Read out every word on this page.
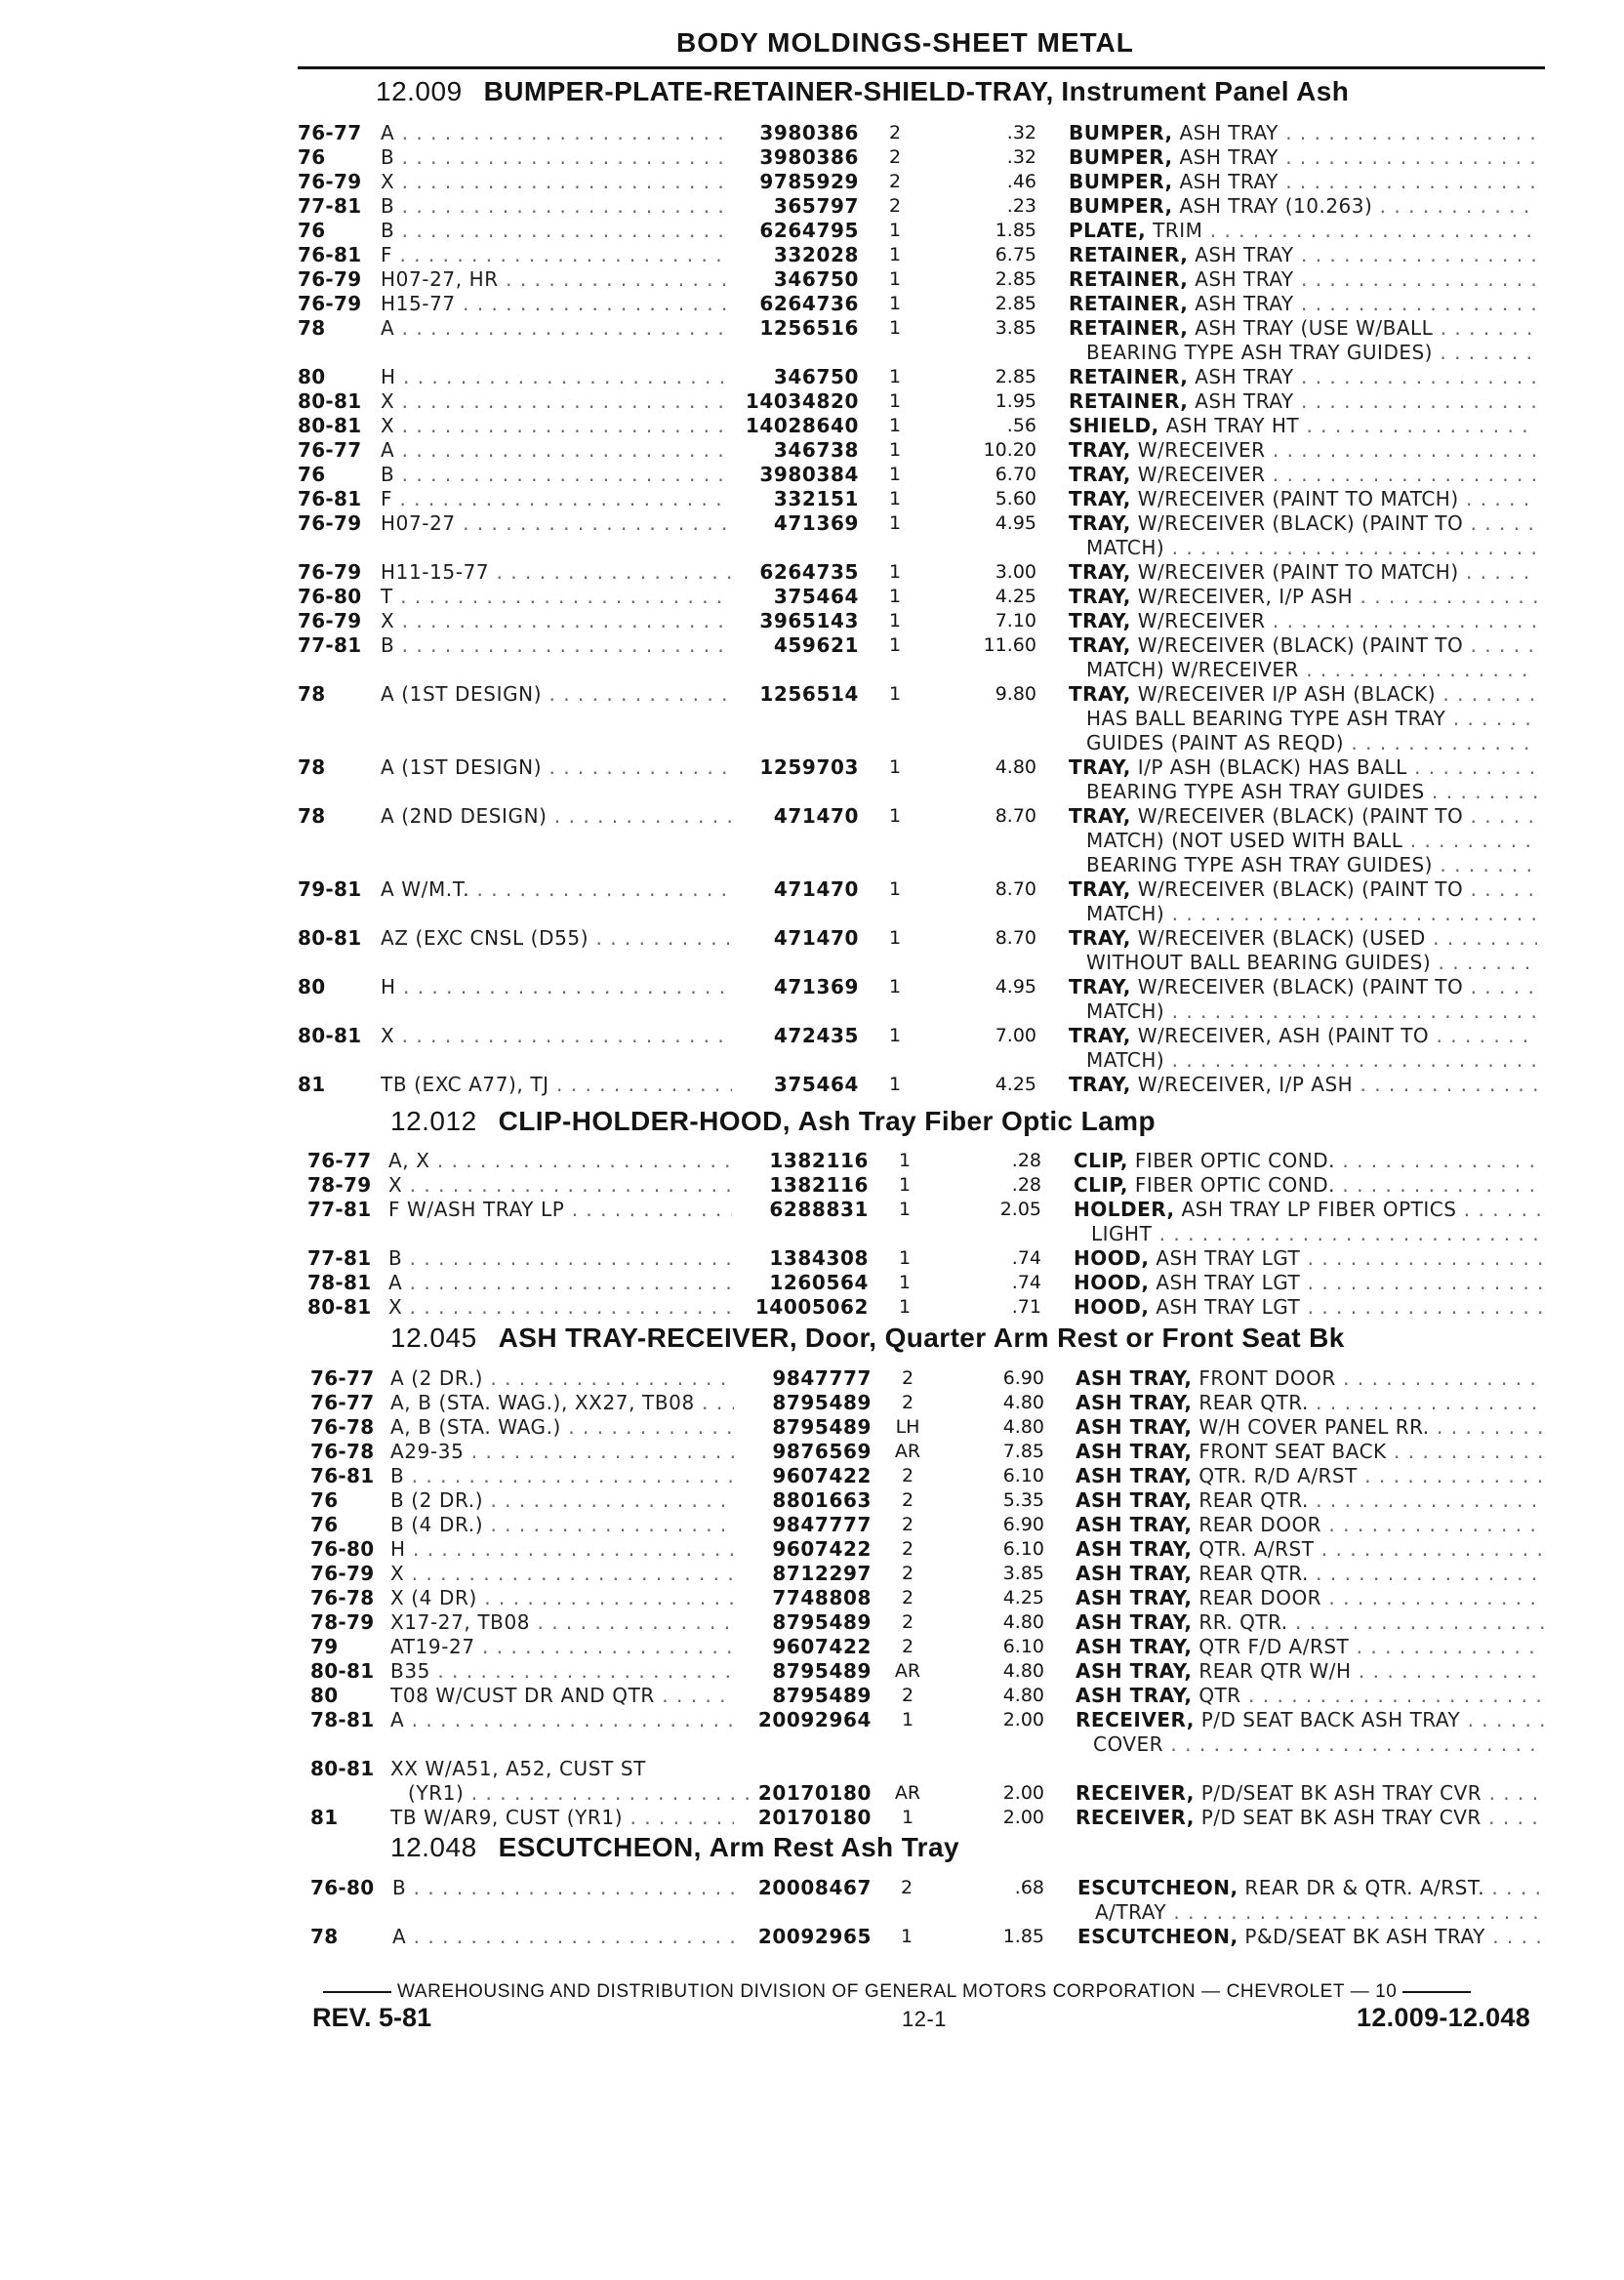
BODY MOLDINGS-SHEET METAL
12.009 BUMPER-PLATE-RETAINER-SHIELD-TRAY, Instrument Panel Ash
76-77 A . . .	3980386	2	.32 BUMPER, ASH TRAY . . .
76	B . . .	3980386	2	.32 BUMPER, ASH TRAY . . .
76-79 X . . .	9785929	2	.46 BUMPER, ASH TRAY . . .
77-81 B . . .	365797	2	.23 BUMPER, ASH TRAY (10.263) . . .
76	B . . .	6264795	1	1.85 PLATE, TRIM . . .
76-81 F . . .	332028	1	6.75 RETAINER, ASH TRAY . . .
76-79 H07-27, HR . . .	346750	1	2.85 RETAINER, ASH TRAY . . .
76-79 H15-77 . . .	6264736	1	2.85 RETAINER, ASH TRAY . . .
78	A . . .	1256516	1	3.85 RETAINER, ASH TRAY (USE W/BALL . . .
BEARING TYPE ASH TRAY GUIDES) . . .
80	H . . .	346750	1	2.85 RETAINER, ASH TRAY . . .
80-81 X . . .	14034820	1	1.95 RETAINER, ASH TRAY . . .
80-81 X . . .	14028640	1	.56 SHIELD, ASH TRAY HT . . .
76-77 A . . .	346738	1	10.20 TRAY, W/RECEIVER . . .
76	B . . .	3980384	1	6.70 TRAY, W/RECEIVER . . .
76-81 F . . .	332151	1	5.60 TRAY, W/RECEIVER (PAINT TO MATCH) . . .
76-79 H07-27 . . .	471369	1	4.95 TRAY, W/RECEIVER (BLACK) (PAINT TO . . .
MATCH) . . .
76-79 H11-15-77 . . .	6264735	1	3.00 TRAY, W/RECEIVER (PAINT TO MATCH) . . .
76-80 T . . .	375464	1	4.25 TRAY, W/RECEIVER, I/P ASH . . .
76-79 X . . .	3965143	1	7.10 TRAY, W/RECEIVER . . .
77-81 B . . .	459621	1	11.60 TRAY, W/RECEIVER (BLACK) (PAINT TO . . .
MATCH) W/RECEIVER . . .
78	A (1ST DESIGN) . . .	1256514	1	9.80 TRAY, W/RECEIVER I/P ASH (BLACK) . . .
HAS BALL BEARING TYPE ASH TRAY . . .
GUIDES (PAINT AS REQD) . . .
78	A (1ST DESIGN) . . .	1259703	1	4.80 TRAY, I/P ASH (BLACK) HAS BALL . . .
BEARING TYPE ASH TRAY GUIDES . . .
78	A (2ND DESIGN) . . .	471470	1	8.70 TRAY, W/RECEIVER (BLACK) (PAINT TO . . .
MATCH) (NOT USED WITH BALL . . .
BEARING TYPE ASH TRAY GUIDES) . . .
79-81 A W/M.T. . . .	471470	1	8.70 TRAY, W/RECEIVER (BLACK) (PAINT TO . . .
MATCH) . . .
80-81 AZ (EXC CNSL (D55) . . .	471470	1	8.70 TRAY, W/RECEIVER (BLACK) (USED . . .
WITHOUT BALL BEARING GUIDES) . . .
80	H . . .	471369	1	4.95 TRAY, W/RECEIVER (BLACK) (PAINT TO . . .
MATCH) . . .
80-81 X . . .	472435	1	7.00 TRAY, W/RECEIVER, ASH (PAINT TO . . .
MATCH) . . .
81	TB (EXC A77), TJ . . .	375464	1	4.25 TRAY, W/RECEIVER, I/P ASH . . .
12.012 CLIP-HOLDER-HOOD, Ash Tray Fiber Optic Lamp
76-77 A, X . . .	1382116	1	.28 CLIP, FIBER OPTIC COND. . . .
78-79 X . . .	1382116	1	.28 CLIP, FIBER OPTIC COND. . . .
77-81 F W/ASH TRAY LP . . .	6288831	1	2.05 HOLDER, ASH TRAY LP FIBER OPTICS . . .
LIGHT . . .
77-81 B . . .	1384308	1	.74 HOOD, ASH TRAY LGT . . .
78-81 A . . .	1260564	1	.74 HOOD, ASH TRAY LGT . . .
80-81 X . . .	14005062	1	.71 HOOD, ASH TRAY LGT . . .
12.045 ASH TRAY-RECEIVER, Door, Quarter Arm Rest or Front Seat Bk
76-77 A (2 DR.) . . .	9847777	2	6.90 ASH TRAY, FRONT DOOR . . .
76-77 A, B (STA. WAG.), XX27, TB08 . . .	8795489	2	4.80 ASH TRAY, REAR QTR. . . .
76-78 A, B (STA. WAG.) . . .	8795489	LH	4.80 ASH TRAY, W/H COVER PANEL RR. . . .
76-78 A29-35 . . .	9876569	AR	7.85 ASH TRAY, FRONT SEAT BACK . . .
76-81 B . . .	9607422	2	6.10 ASH TRAY, QTR. R/D A/RST . . .
76	B (2 DR.) . . .	8801663	2	5.35 ASH TRAY, REAR QTR. . . .
76	B (4 DR.) . . .	9847777	2	6.90 ASH TRAY, REAR DOOR . . .
76-80 H . . .	9607422	2	6.10 ASH TRAY, QTR. A/RST . . .
76-79 X . . .	8712297	2	3.85 ASH TRAY, REAR QTR. . . .
76-78 X (4 DR) . . .	7748808	2	4.25 ASH TRAY, REAR DOOR . . .
78-79 X17-27, TB08 . . .	8795489	2	4.80 ASH TRAY, RR. QTR. . . .
79	AT19-27 . . .	9607422	2	6.10 ASH TRAY, QTR F/D A/RST . . .
80-81 B35 . . .	8795489	AR	4.80 ASH TRAY, REAR QTR W/H . . .
80	T08 W/CUST DR AND QTR . . .	8795489	2	4.80 ASH TRAY, QTR . . .
78-81 A . . .	20092964	1	2.00 RECEIVER, P/D SEAT BACK ASH TRAY . . .
COVER . . .
80-81 XX W/A51, A52, CUST ST
(YR1) . . .	20170180	AR	2.00 RECEIVER, P/D/SEAT BK ASH TRAY CVR . . .
81	TB W/AR9, CUST (YR1) . . .	20170180	1	2.00 RECEIVER, P/D SEAT BK ASH TRAY CVR . . .
12.048 ESCUTCHEON, Arm Rest Ash Tray
76-80 B . . .	20008467	2	.68 ESCUTCHEON, REAR DR & QTR. A/RST. . . .
A/TRAY . . .
78	A . . .	20092965	1	1.85 ESCUTCHEON, P&D/SEAT BK ASH TRAY . . .
WAREHOUSING AND DISTRIBUTION DIVISION OF GENERAL MOTORS CORPORATION — CHEVROLET — 10
REV. 5-81	12-1	12.009-12.048
